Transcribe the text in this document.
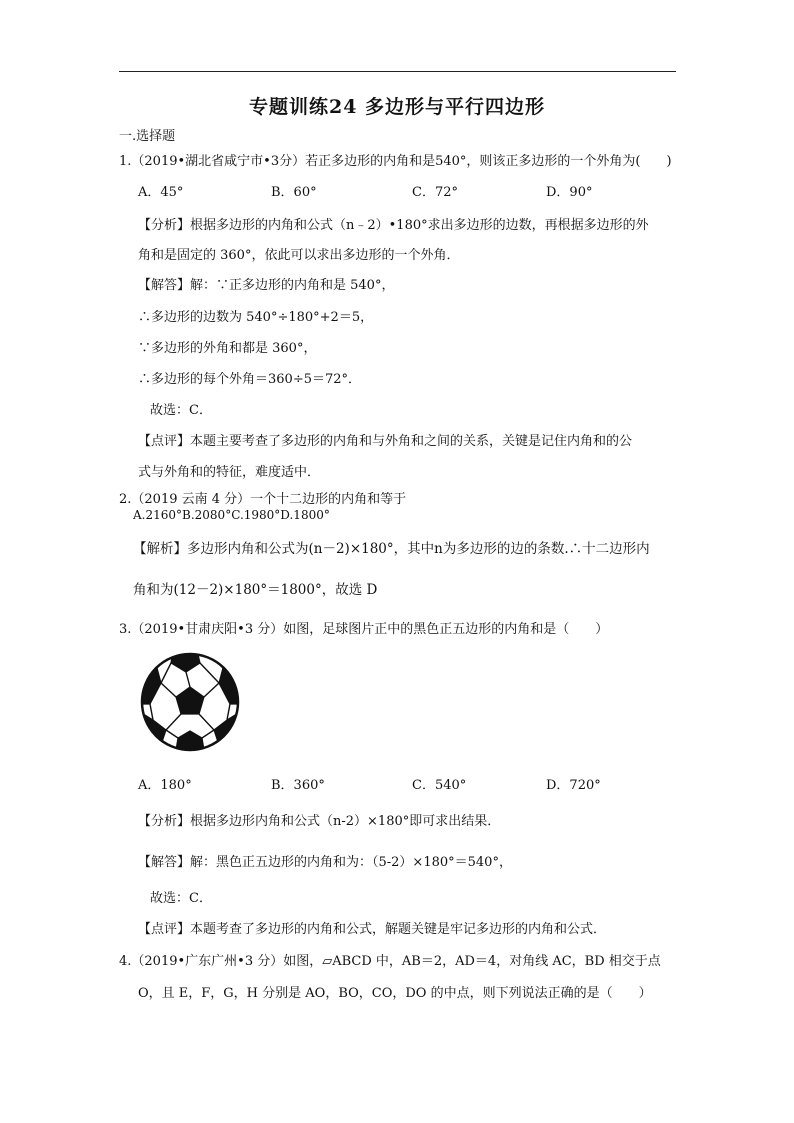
专题训练24 多边形与平行四边形
一.选择题
1.（2019•湖北省咸宁市•3分）若正多边形的内角和是540°，则该正多边形的一个外角为(　　)
A．45°	B．60°	C．72°	D．90°
【分析】根据多边形的内角和公式（n﹣2）•180°求出多边形的边数，再根据多边形的外
角和是固定的 360°，依此可以求出多边形的一个外角．
【解答】解：∵正多边形的内角和是 540°，
∴多边形的边数为 540°÷180°+2＝5，
∵多边形的外角和都是 360°，
∴多边形的每个外角＝360÷5＝72°．
故选：C．
【点评】本题主要考查了多边形的内角和与外角和之间的关系，关键是记住内角和的公
式与外角和的特征，难度适中．
2.（2019 云南 4 分）一个十二边形的内角和等于
A.2160°B.2080°C.1980°D.1800°
【解析】多边形内角和公式为(n－2)×180°，其中n为多边形的边的条数.∴十二边形内
角和为(12－2)×180°＝1800°，故选 D
3.（2019•甘肃庆阳•3 分）如图，足球图片正中的黑色正五边形的内角和是（　　）
A．180°	B．360°	C．540°	D．720°
【分析】根据多边形内角和公式（n-2）×180°即可求出结果．
【解答】解：黑色正五边形的内角和为：（5-2）×180°＝540°，
故选：C．
【点评】本题考查了多边形的内角和公式，解题关键是牢记多边形的内角和公式．
4.（2019•广东广州•3 分）如图，▱ABCD 中，AB＝2，AD＝4，对角线 AC，BD 相交于点
O，且 E，F，G，H 分别是 AO，BO，CO，DO 的中点，则下列说法正确的是（　　）
